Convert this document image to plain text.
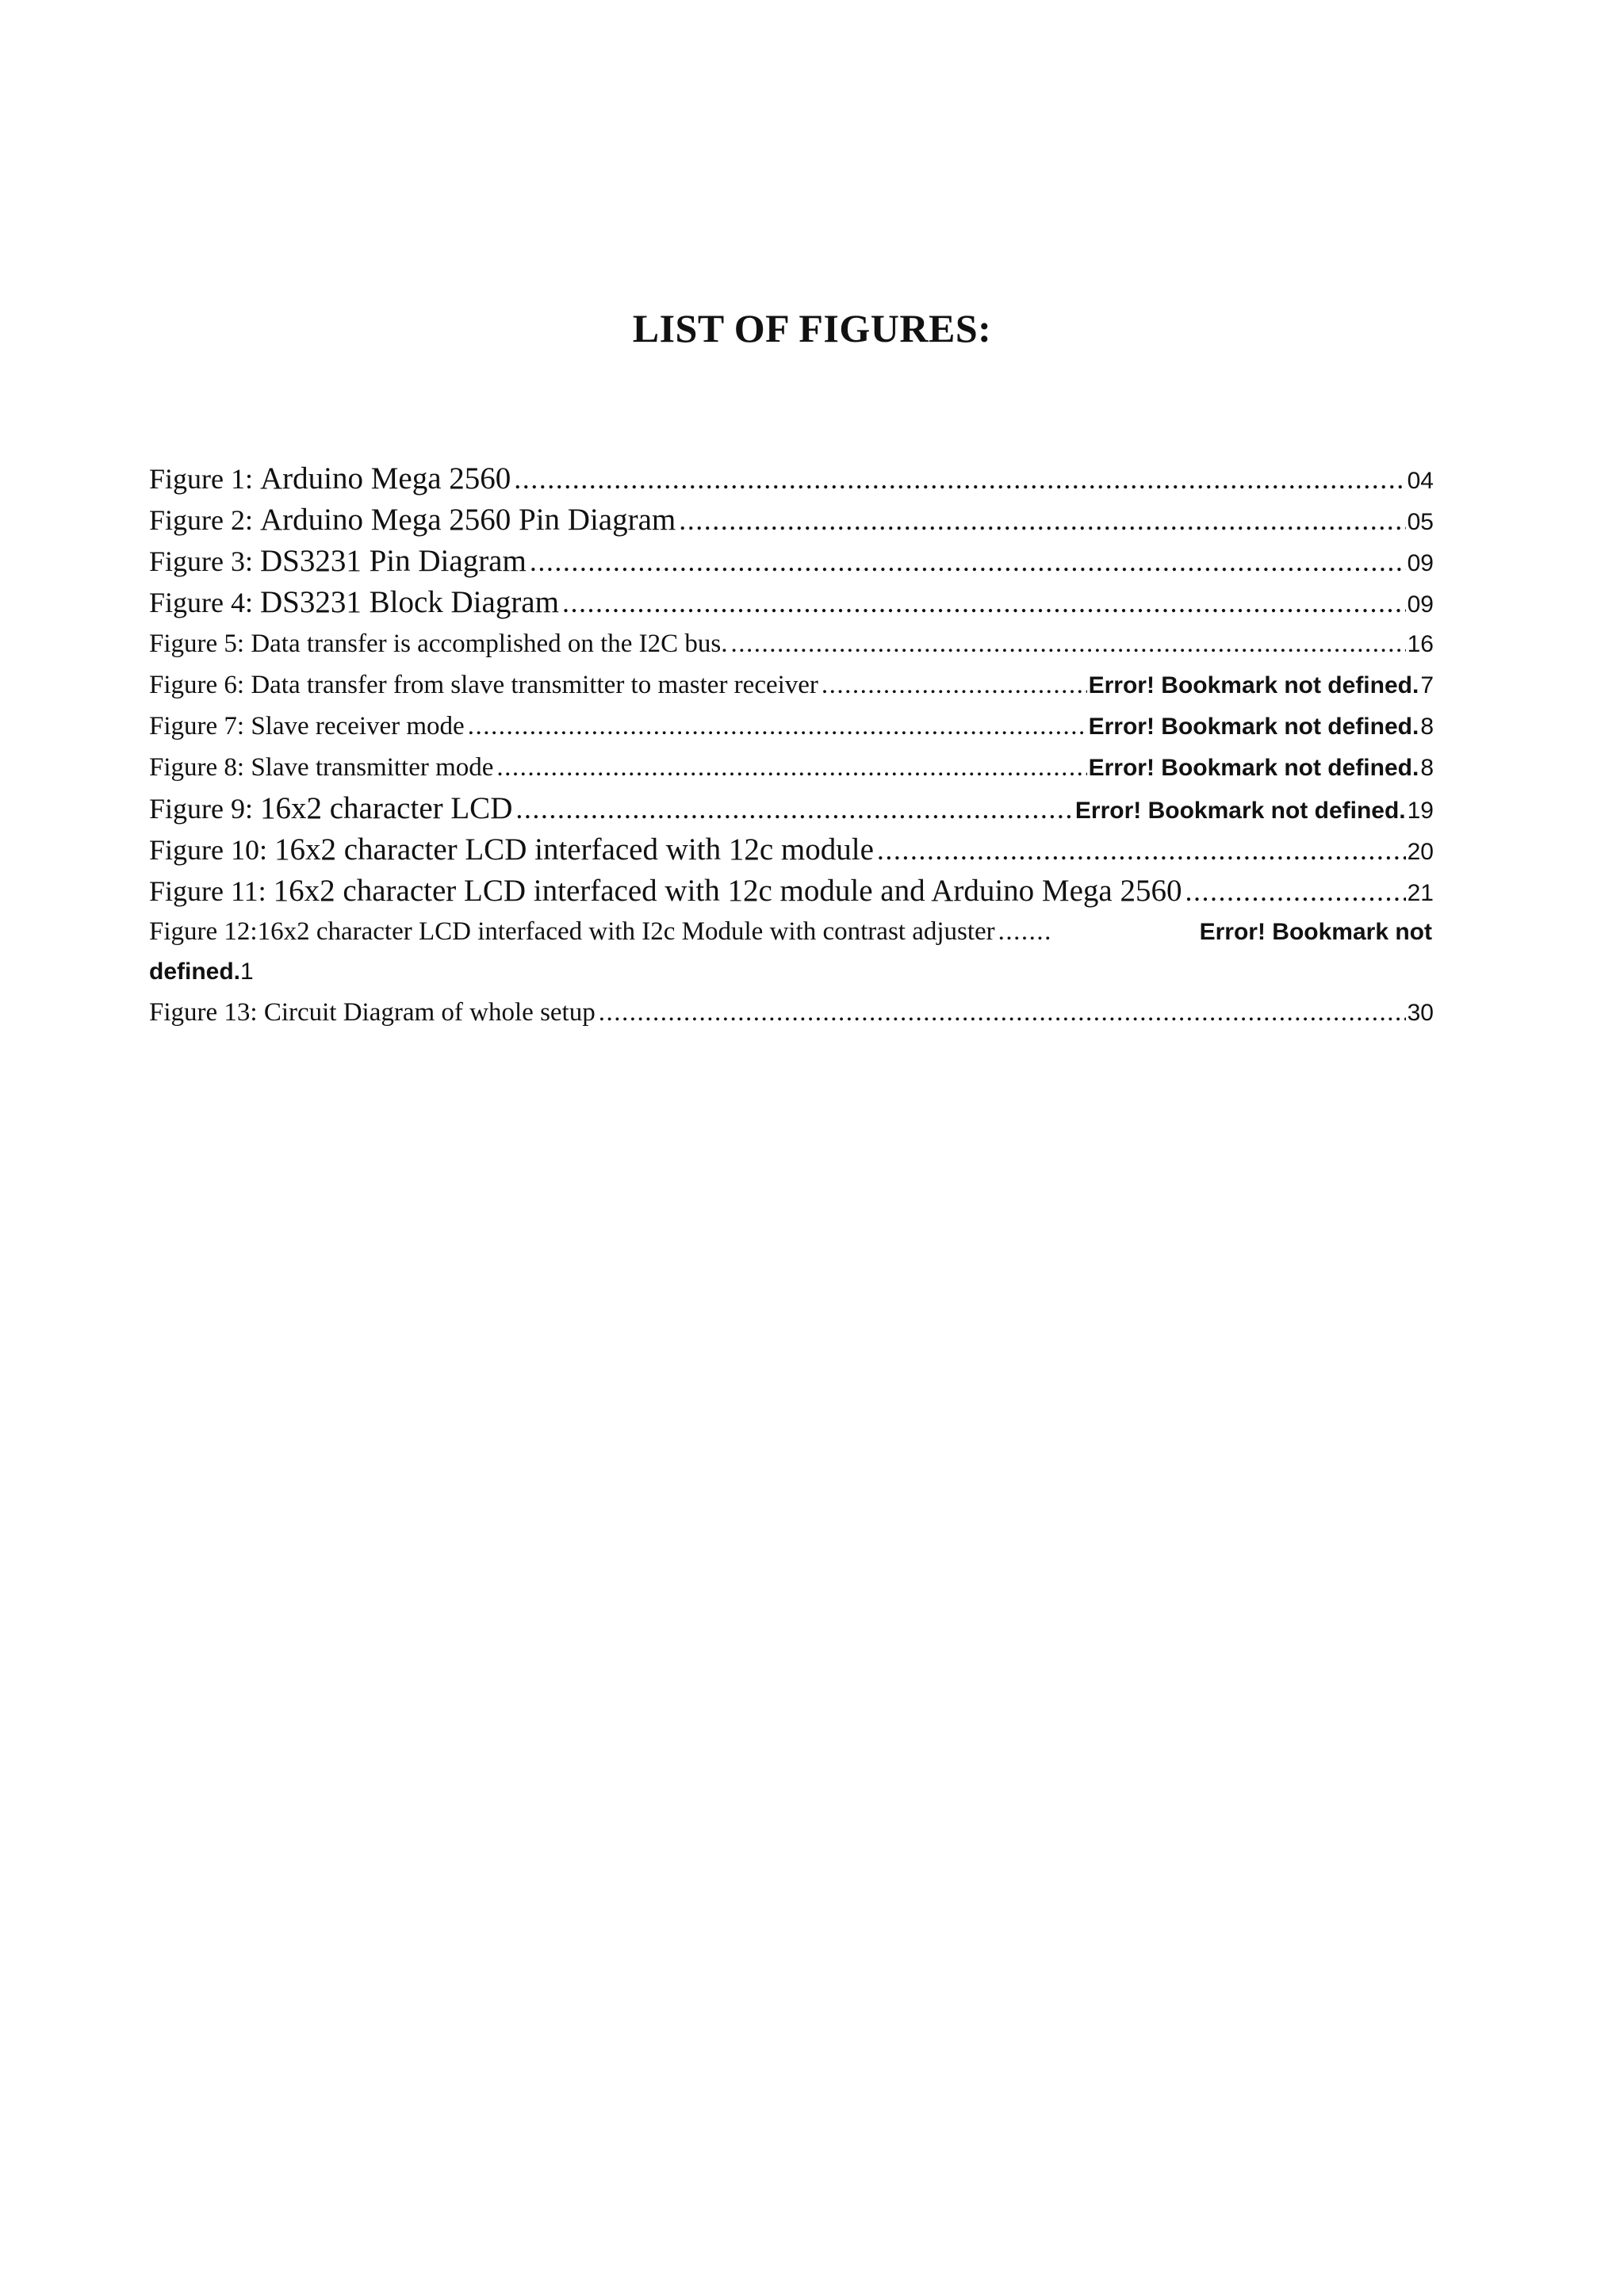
LIST OF FIGURES:
Figure 1: Arduino Mega 2560 .....	04
Figure 2: Arduino Mega 2560 Pin Diagram .....	05
Figure 3: DS3231 Pin Diagram .....	09
Figure 4: DS3231 Block Diagram .....	09
Figure 5: Data transfer is accomplished on the I2C bus. .....	16
Figure 6: Data transfer from slave transmitter to master receiver .....	Error! Bookmark not defined. 7
Figure 7: Slave receiver mode .....	Error! Bookmark not defined. 8
Figure 8: Slave transmitter mode .....	Error! Bookmark not defined. 8
Figure 9: 16x2 character LCD .....	Error! Bookmark not defined. 19
Figure 10: 16x2 character LCD interfaced with 12c module .....	20
Figure 11: 16x2 character LCD interfaced with 12c module and Arduino Mega 2560 .....	21
Figure 12:16x2 character LCD interfaced with I2c Module with contrast adjuster .....	Error! Bookmark not
defined.1
Figure 13: Circuit Diagram of whole setup .....	30
